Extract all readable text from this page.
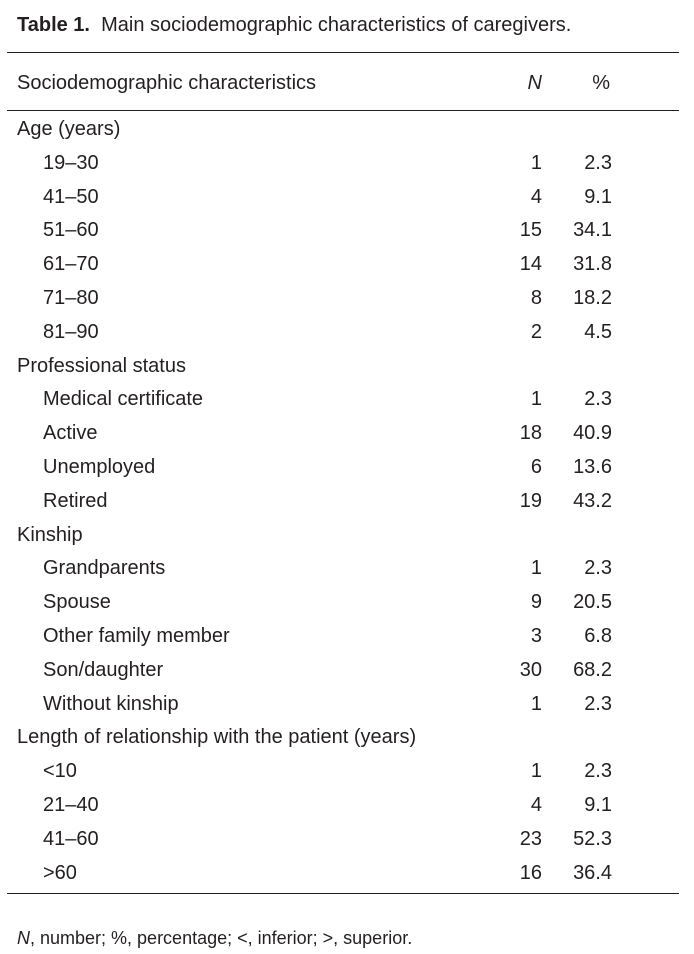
Table 1. Main sociodemographic characteristics of caregivers.
Sociodemographic characteristics	N	%
Age (years)
19–30	1 2.3
41–50	4 9.1
51–60	15 34.1
61–70	14 31.8
71–80	8 18.2
81–90	2 4.5
Professional status
Medical certificate	1 2.3
Active	18 40.9
Unemployed	6 13.6
Retired	19 43.2
Kinship
Grandparents	1 2.3
Spouse	9 20.5
Other family member	3 6.8
Son/daughter	30 68.2
Without kinship	1 2.3
Length of relationship with the patient (years)
<10	1 2.3
21–40	4 9.1
41–60	23 52.3
>60	16 36.4
N, number; %, percentage; <, inferior; >, superior.
